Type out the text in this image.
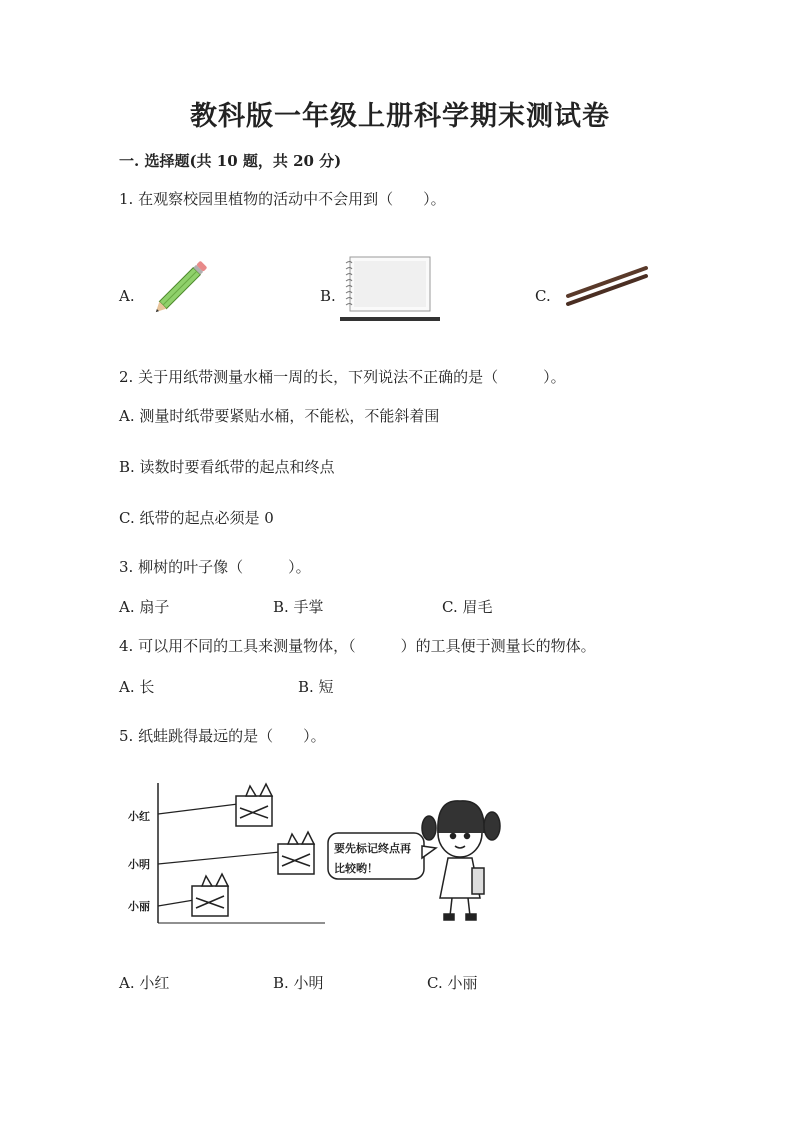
教科版一年级上册科学期末测试卷
一. 选择题(共 10 题，共 20 分)
1. 在观察校园里植物的活动中不会用到（　　）。
A.	B.	C.
2. 关于用纸带测量水桶一周的长，下列说法不正确的是（　　　）。
A. 测量时纸带要紧贴水桶，不能松，不能斜着围
B. 读数时要看纸带的起点和终点
C. 纸带的起点必须是 0
3. 柳树的叶子像（　　　）。
A. 扇子	B. 手掌	C. 眉毛
4. 可以用不同的工具来测量物体，（　　　）的工具便于测量长的物体。
A. 长	B. 短
5. 纸蛙跳得最远的是（　　）。
小红
小明
小丽
要先标记终点再
比较哟！
A. 小红	B. 小明	C. 小丽
